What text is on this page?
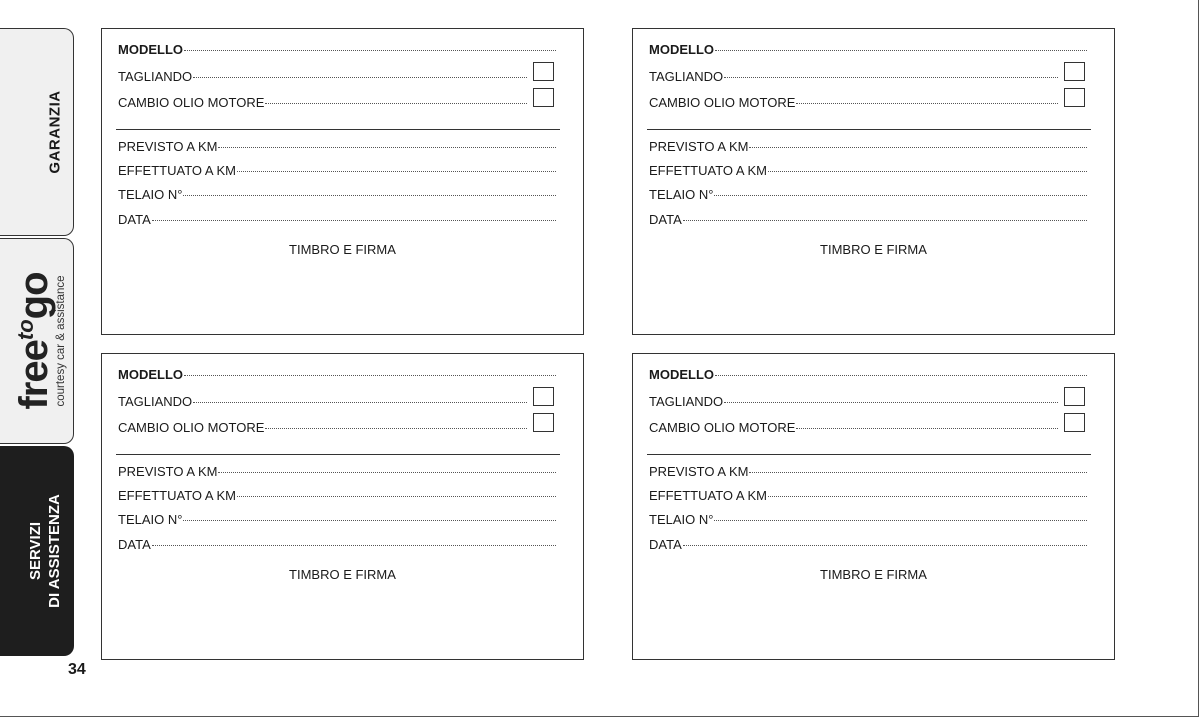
GARANZIA
free$^{to}$go courtesy car & assistance
SERVIZI DI ASSISTENZA
34
MODELLO
TAGLIANDO
CAMBIO OLIO MOTORE
PREVISTO A KM
EFFETTUATO A KM
TELAIO N°
DATA
TIMBRO E FIRMA
MODELLO
TAGLIANDO
CAMBIO OLIO MOTORE
PREVISTO A KM
EFFETTUATO A KM
TELAIO N°
DATA
TIMBRO E FIRMA
MODELLO
TAGLIANDO
CAMBIO OLIO MOTORE
PREVISTO A KM
EFFETTUATO A KM
TELAIO N°
DATA
TIMBRO E FIRMA
MODELLO
TAGLIANDO
CAMBIO OLIO MOTORE
PREVISTO A KM
EFFETTUATO A KM
TELAIO N°
DATA
TIMBRO E FIRMA
